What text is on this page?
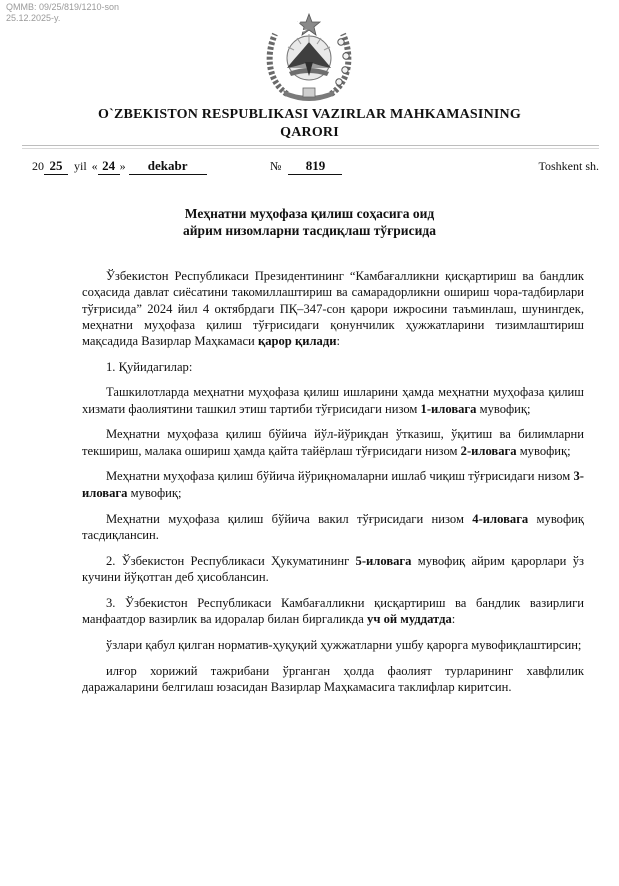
QMMB: 09/25/819/1210-son
25.12.2025-y.
O`ZBEKISTON RESPUBLIKASI VAZIRLAR MAHKAMASINING
QARORI
20 25 yil « 24 » dekabr	№ 819	Toshkent sh.
Меҳнатни муҳофаза қилиш соҳасига оид
айрим низомларни тасдиқлаш тўғрисида

Ўзбекистон Республикаси Президентининг “Камбағалликни қисқартириш ва бандлик соҳасида давлат сиёсатини такомиллаштириш ва самарадорликни ошириш чора-тадбирлари тўғрисида” 2024 йил 4 октябрдаги ПҚ–347-сон қарори ижросини таъминлаш, шунингдек, меҳнатни муҳофаза қилиш тўғрисидаги қонунчилик ҳужжатларини тизимлаштириш мақсадида Вазирлар Маҳкамаси қарор қилади:

1. Қуйидагилар:

Ташкилотларда меҳнатни муҳофаза қилиш ишларини ҳамда меҳнатни муҳофаза қилиш хизмати фаолиятини ташкил этиш тартиби тўғрисидаги низом 1-иловага мувофиқ;

Меҳнатни муҳофаза қилиш бўйича йўл-йўриқдан ўтказиш, ўқитиш ва билимларни текшириш, малака ошириш ҳамда қайта тайёрлаш тўғрисидаги низом 2-иловага мувофиқ;

Меҳнатни муҳофаза қилиш бўйича йўриқномаларни ишлаб чиқиш тўғрисидаги низом 3-иловага мувофиқ;

Меҳнатни муҳофаза қилиш бўйича вакил тўғрисидаги низом 4-иловага мувофиқ тасдиқлансин.

2. Ўзбекистон Республикаси Ҳукуматининг 5-иловага мувофиқ айрим қарорлари ўз кучини йўқотган деб ҳисоблансин.

3. Ўзбекистон Республикаси Камбағалликни қисқартириш ва бандлик вазирлиги манфаатдор вазирлик ва идоралар билан биргаликда уч ой муддатда:

ўзлари қабул қилган норматив-ҳуқуқий ҳужжатларни ушбу қарорга мувофиқлаштирсин;

илғор хорижий тажрибани ўрганган ҳолда фаолият турларининг хавфлилик даражаларини белгилаш юзасидан Вазирлар Маҳкамасига таклифлар киритсин.
